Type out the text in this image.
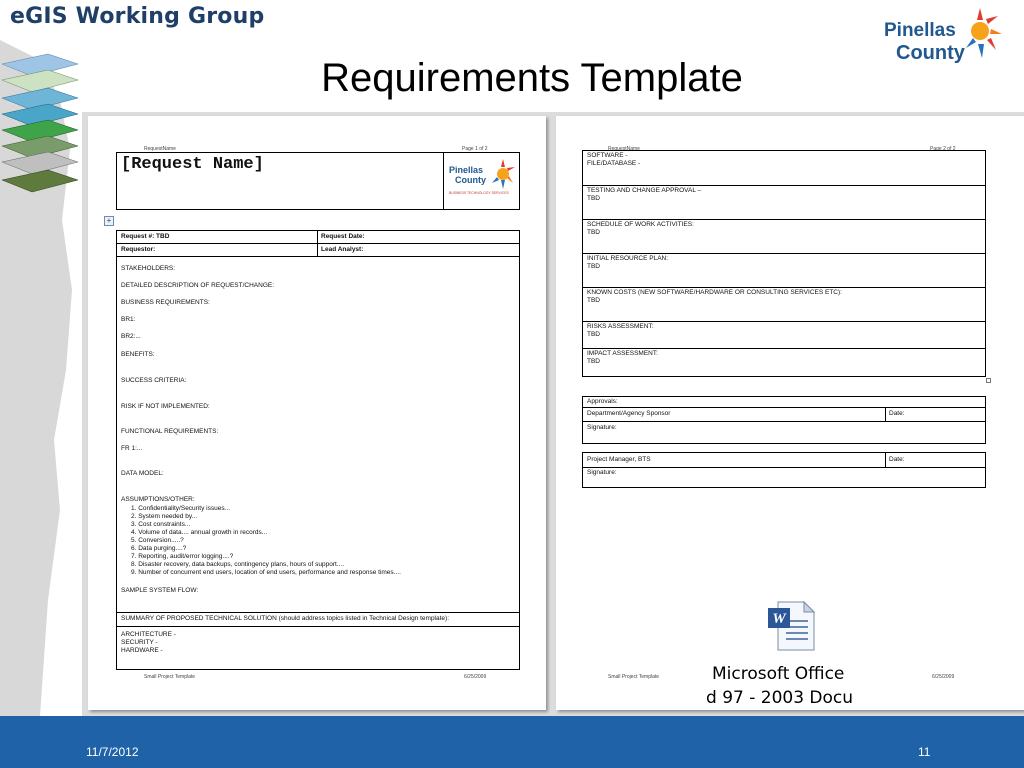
eGIS Working Group
Requirements Template
Pinellas
County
RequestName	Page 1 of 2
[Request Name]	Pinellas
County
BUSINESS TECHNOLOGY SERVICES
+
Request #: TBD	Request Date:
Requestor:	Lead Analyst:
STAKEHOLDERS:
DETAILED DESCRIPTION OF REQUEST/CHANGE:
BUSINESS REQUIREMENTS:
BR1:
BR2:...
BENEFITS:
SUCCESS CRITERIA:
RISK IF NOT IMPLEMENTED:
FUNCTIONAL REQUIREMENTS:
FR 1:...
DATA MODEL:
ASSUMPTIONS/OTHER:
1. Confidentiality/Security issues...
2. System needed by...
3. Cost constraints...
4. Volume of data.... annual growth in records...
5. Conversion.....?
6. Data purging....?
7. Reporting, audit/error logging....?
8. Disaster recovery, data backups, contingency plans, hours of support....
9. Number of concurrent end users, location of end users, performance and response times....
SAMPLE SYSTEM FLOW:
SUMMARY OF PROPOSED TECHNICAL SOLUTION (should address topics listed in Technical Design template):
ARCHITECTURE -
SECURITY -
HARDWARE -
Small Project Template	6/25/2009
RequestName	Page 2 of 2
SOFTWARE -
FILE/DATABASE -
TESTING AND CHANGE APPROVAL –
TBD
SCHEDULE OF WORK ACTIVITIES:
TBD
INITIAL RESOURCE PLAN:
TBD
KNOWN COSTS (NEW SOFTWARE/HARDWARE OR CONSULTING SERVICES ETC):
TBD
RISKS ASSESSMENT:
TBD
IMPACT ASSESSMENT:
TBD
Approvals:
Department/Agency Sponsor	Date:
Signature:
Project Manager, BTS	Date:
Signature:
W
Microsoft Office
d 97 - 2003 Docu
Small Project Template	6/25/2009
11/7/2012	11
